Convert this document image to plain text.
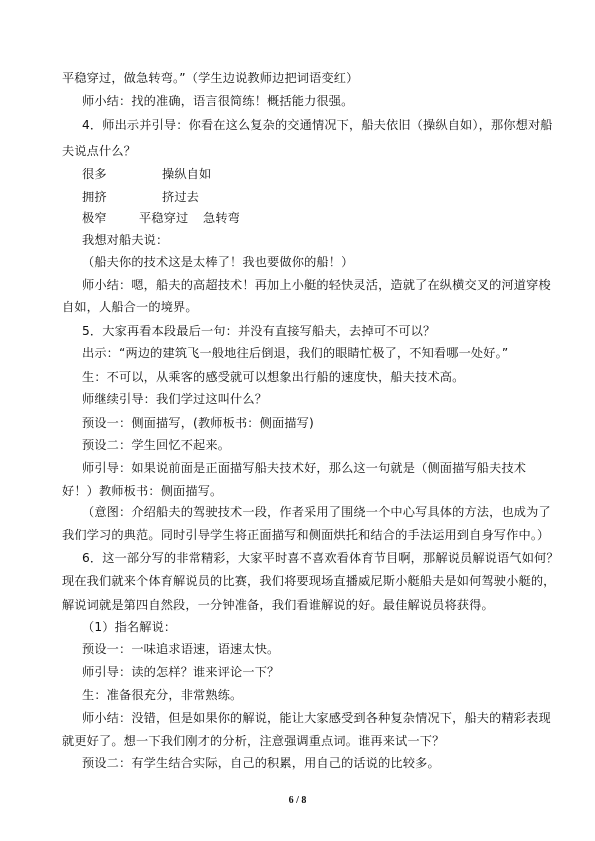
平稳穿过，做急转弯。”（学生边说教师边把词语变红）
师小结：找的准确，语言很简练！概括能力很强。
4．师出示并引导：你看在这么复杂的交通情况下，船夫依旧（操纵自如），那你想对船
夫说点什么？
很多	操纵自如
拥挤	挤过去
极窄	平稳穿过 急转弯
我想对船夫说：
（船夫你的技术这是太棒了！我也要做你的船！）
师小结：嗯，船夫的高超技术！再加上小艇的轻快灵活，造就了在纵横交叉的河道穿梭
自如，人船合一的境界。
5．大家再看本段最后一句：并没有直接写船夫，去掉可不可以？
出示：“两边的建筑飞一般地往后倒退，我们的眼睛忙极了，不知看哪一处好。”
生：不可以，从乘客的感受就可以想象出行船的速度快，船夫技术高。
师继续引导：我们学过这叫什么？
预设一：侧面描写，(教师板书：侧面描写)
预设二：学生回忆不起来。
师引导：如果说前面是正面描写船夫技术好，那么这一句就是（侧面描写船夫技术
好！）教师板书：侧面描写。
（意图：介绍船夫的驾驶技术一段，作者采用了围绕一个中心写具体的方法，也成为了
我们学习的典范。同时引导学生将正面描写和侧面烘托和结合的手法运用到自身写作中。）
6．这一部分写的非常精彩，大家平时喜不喜欢看体育节目啊，那解说员解说语气如何？
现在我们就来个体育解说员的比赛，我们将要现场直播威尼斯小艇船夫是如何驾驶小艇的，
解说词就是第四自然段，一分钟准备，我们看谁解说的好。最佳解说员将获得。
（1）指名解说：
预设一：一味追求语速，语速太快。
师引导：读的怎样？谁来评论一下？
生：准备很充分，非常熟练。
师小结：没错，但是如果你的解说，能让大家感受到各种复杂情况下，船夫的精彩表现
就更好了。想一下我们刚才的分析，注意强调重点词。谁再来试一下？
预设二：有学生结合实际，自己的积累，用自己的话说的比较多。
6 / 8
